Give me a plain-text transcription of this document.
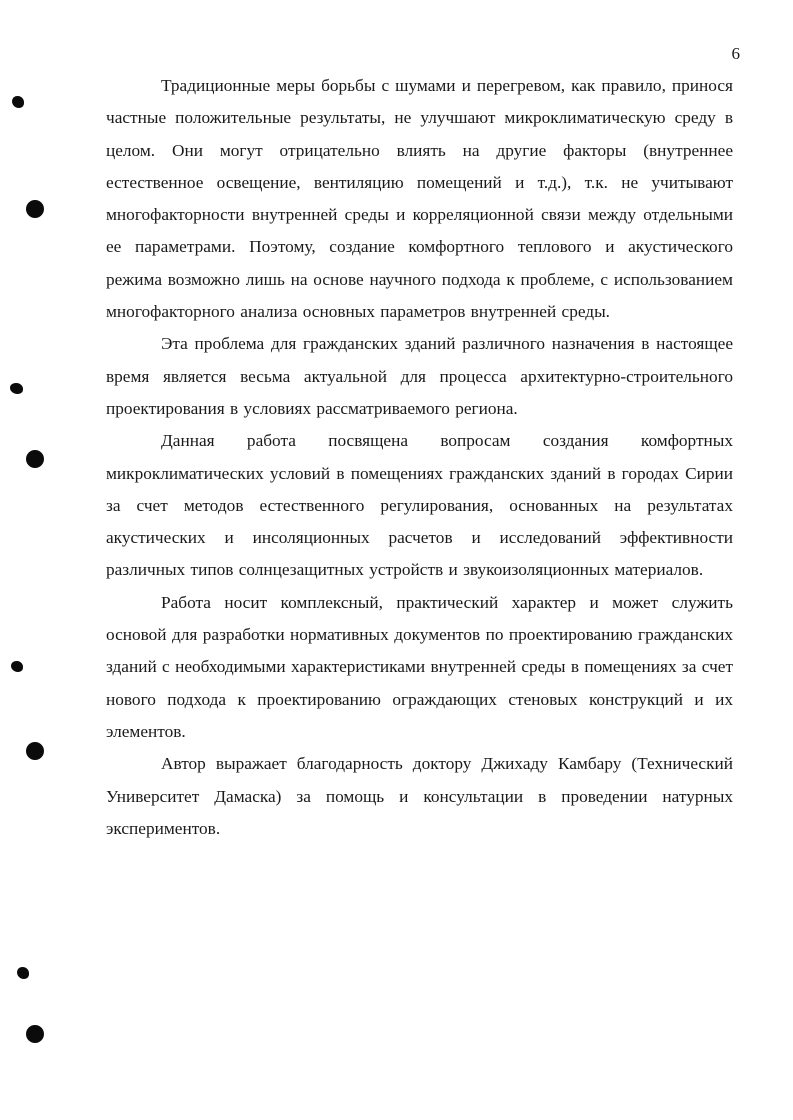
6

Традиционные меры борьбы с шумами и перегревом, как правило, принося частные положительные результаты, не улучшают микроклиматическую среду в целом. Они могут отрицательно влиять на другие факторы (внутреннее естественное освещение, вентиляцию помещений и т.д.), т.к. не учитывают многофакторности внутренней среды и корреляционной связи между отдельными ее параметрами. Поэтому, создание комфортного теплового и акустического режима возможно лишь на основе научного подхода к проблеме, с использованием многофакторного анализа основных параметров внутренней среды.

Эта проблема для гражданских зданий различного назначения в настоящее время является весьма актуальной для процесса архитектурно-строительного проектирования в условиях рассматриваемого региона.

Данная работа посвящена вопросам создания комфортных микроклиматических условий в помещениях гражданских зданий в городах Сирии за счет методов естественного регулирования, основанных на результатах акустических и инсоляционных расчетов и исследований эффективности различных типов солнцезащитных устройств и звукоизоляционных материалов.

Работа носит комплексный, практический характер и может служить основой для разработки нормативных документов по проектированию гражданских зданий с необходимыми характеристиками внутренней среды в помещениях за счет нового подхода к проектированию ограждающих стеновых конструкций и их элементов.

Автор выражает благодарность доктору Джихаду Камбару (Технический Университет Дамаска) за помощь и консультации в проведении натурных экспериментов.
